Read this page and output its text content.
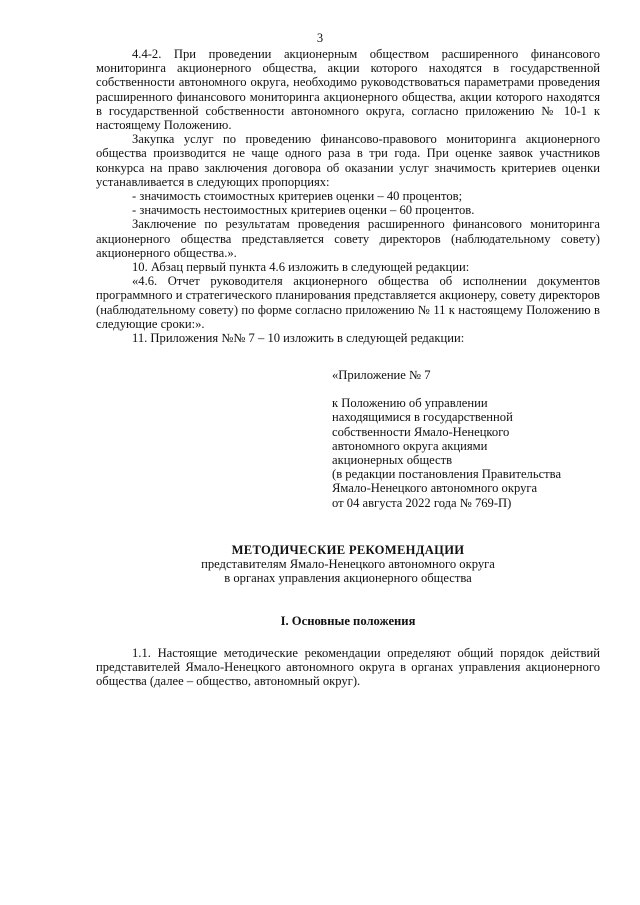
3

4.4-2. При проведении акционерным обществом расширенного финансового мониторинга акционерного общества, акции которого находятся в государственной собственности автономного округа, необходимо руководствоваться параметрами проведения расширенного финансового мониторинга акционерного общества, акции которого находятся в государственной собственности автономного округа, согласно приложению № 10-1 к настоящему Положению.

Закупка услуг по проведению финансово-правового мониторинга акционерного общества производится не чаще одного раза в три года. При оценке заявок участников конкурса на право заключения договора об оказании услуг значимость критериев оценки устанавливается в следующих пропорциях:

- значимость стоимостных критериев оценки – 40 процентов;

- значимость нестоимостных критериев оценки – 60 процентов.

Заключение по результатам проведения расширенного финансового мониторинга акционерного общества представляется совету директоров (наблюдательному совету) акционерного общества.».

10. Абзац первый пункта 4.6 изложить в следующей редакции:

«4.6. Отчет руководителя акционерного общества об исполнении документов программного и стратегического планирования представляется акционеру, совету директоров (наблюдательному совету) по форме согласно приложению № 11 к настоящему Положению в следующие сроки:».

11. Приложения №№ 7 – 10 изложить в следующей редакции:

«Приложение № 7

к Положению об управлении

находящимися в государственной

собственности Ямало-Ненецкого

автономного округа акциями

акционерных обществ

(в редакции постановления Правительства

Ямало-Ненецкого автономного округа

от 04 августа 2022 года № 769-П)

МЕТОДИЧЕСКИЕ РЕКОМЕНДАЦИИ
представителям Ямало-Ненецкого автономного округа
в органах управления акционерного общества
I. Основные положения

1.1. Настоящие методические рекомендации определяют общий порядок действий представителей Ямало-Ненецкого автономного округа в органах управления акционерного общества (далее – общество, автономный округ).
